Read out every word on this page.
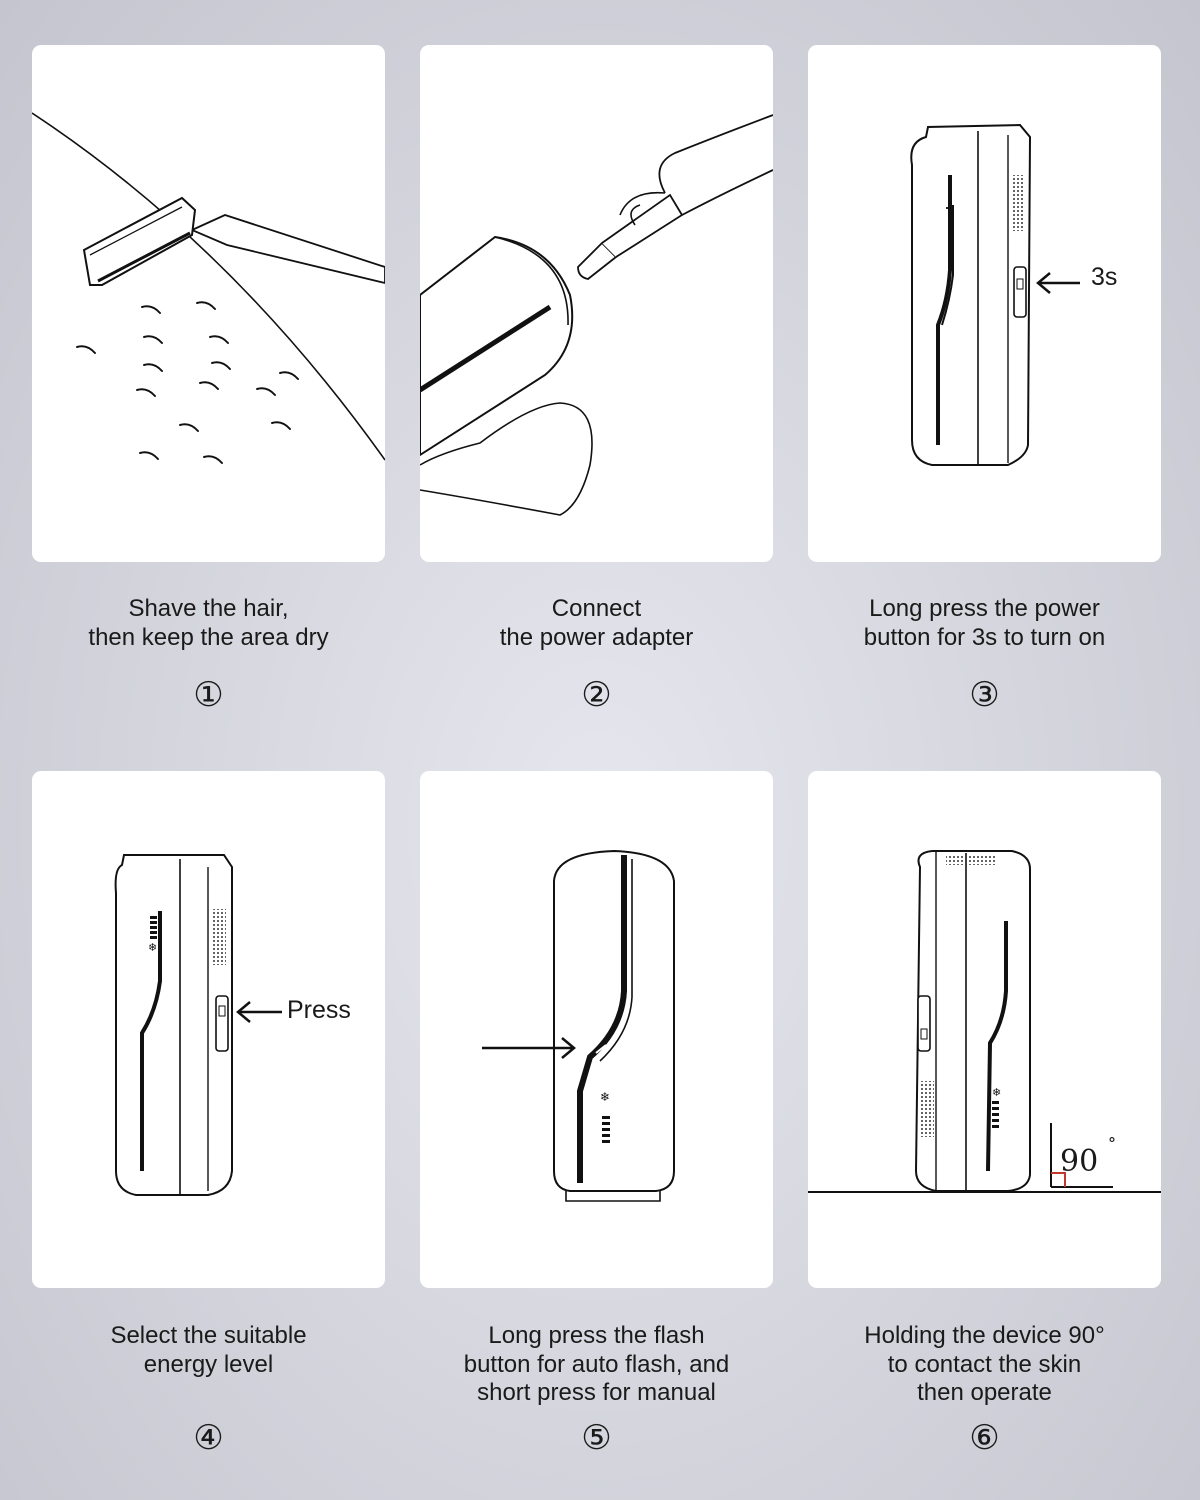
Shave the hair,
then keep the area dry
①
Connect
the power adapter
②
3s
Long press the power
button for 3s to turn on
③
❄
Press
Select the suitable
energy level
④
❄
Long press the flash
button for auto flash, and
short press for manual
⑤
❄
90
°
Holding the device 90°
to contact the skin
then operate
⑥
